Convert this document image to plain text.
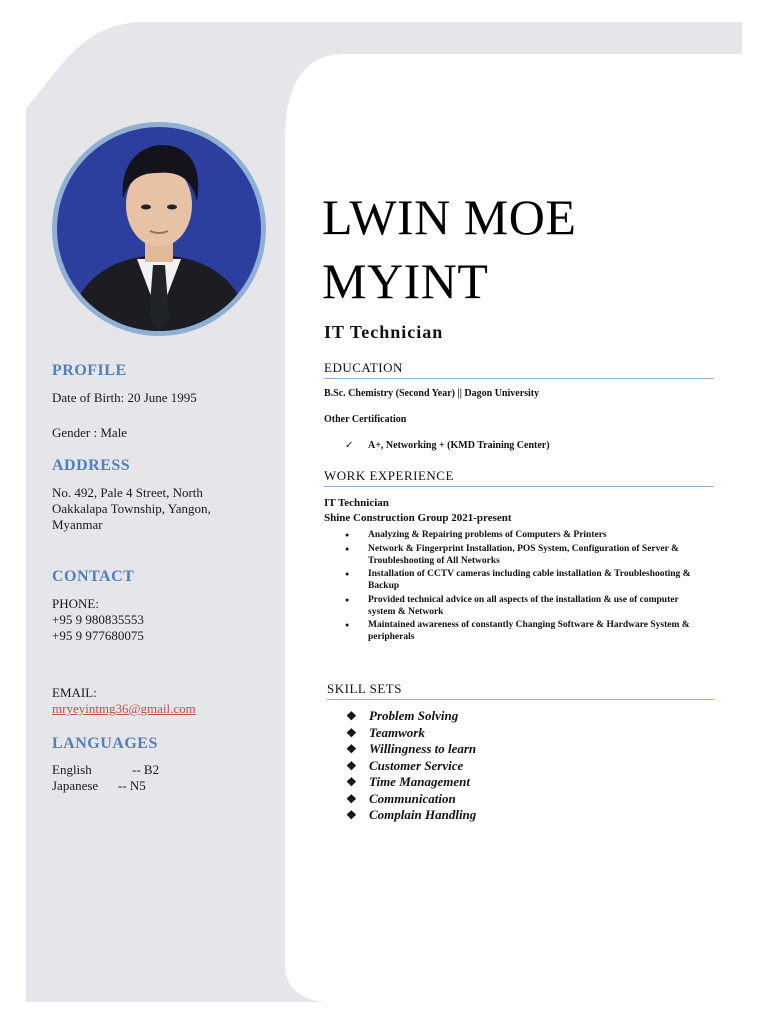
PROFILE
Date of Birth: 20 June 1995
Gender : Male
ADDRESS
No. 492, Pale 4 Street, North
Oakkalapa Township, Yangon,
Myanmar
CONTACT
PHONE:
+95 9 980835553
+95 9 977680075
EMAIL:
mryeyintmg36@gmail.com
LANGUAGES
English	-- B2
Japanese -- N5
LWIN MOE
MYINT
IT Technician
EDUCATION
B.Sc. Chemistry (Second Year) || Dagon University
Other Certification
✓ A+, Networking + (KMD Training Center)
WORK EXPERIENCE
IT Technician
Shine Construction Group 2021-present
● Analyzing & Repairing problems of Computers & Printers
● Network & Fingerprint Installation, POS System, Configuration of Server & Troubleshooting of All Networks
● Installation of CCTV cameras including cable installation & Troubleshooting & Backup
● Provided technical advice on all aspects of the installation & use of computer system & Network
● Maintained awareness of constantly Changing Software & Hardware System & peripherals
SKILL SETS
❖ Problem Solving
❖ Teamwork
❖ Willingness to learn
❖ Customer Service
❖ Time Management
❖ Communication
❖ Complain Handling
